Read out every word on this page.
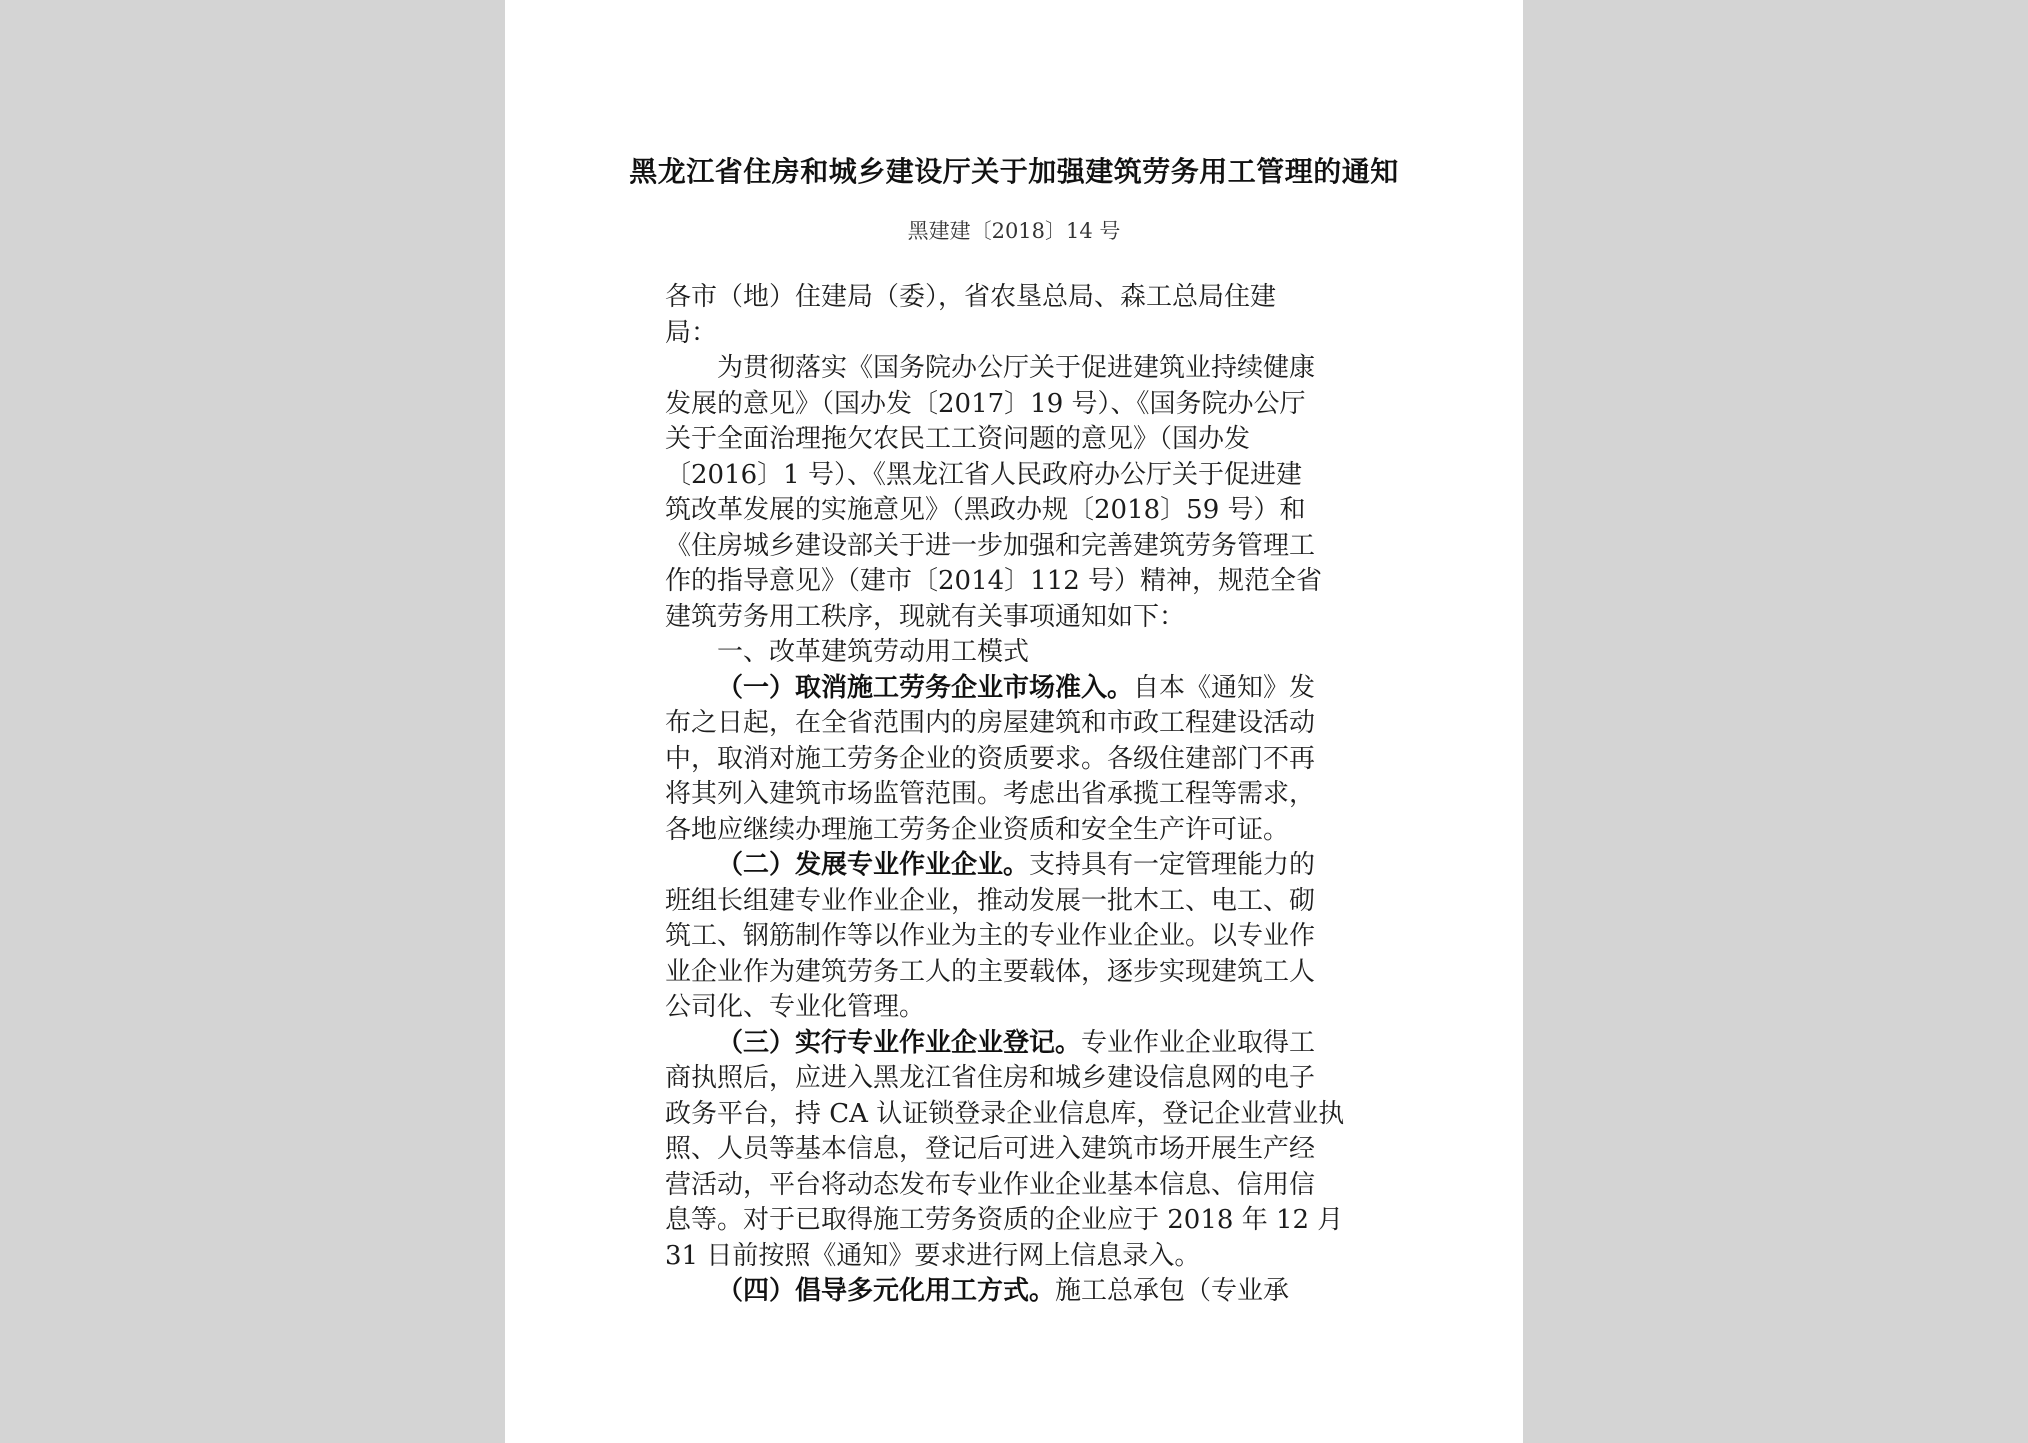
黑龙江省住房和城乡建设厅关于加强建筑劳务用工管理的通知
黑建建〔2018〕14 号
各市（地）住建局（委），省农垦总局、森工总局住建
局：
为贯彻落实《国务院办公厅关于促进建筑业持续健康
发展的意见》（国办发〔2017〕19 号）、《国务院办公厅
关于全面治理拖欠农民工工资问题的意见》（国办发
〔2016〕1 号）、《黑龙江省人民政府办公厅关于促进建
筑改革发展的实施意见》（黑政办规〔2018〕59 号）和
《住房城乡建设部关于进一步加强和完善建筑劳务管理工
作的指导意见》（建市〔2014〕112 号）精神，规范全省
建筑劳务用工秩序，现就有关事项通知如下：
一、改革建筑劳动用工模式
（一）取消施工劳务企业市场准入。自本《通知》发
布之日起，在全省范围内的房屋建筑和市政工程建设活动
中，取消对施工劳务企业的资质要求。各级住建部门不再
将其列入建筑市场监管范围。考虑出省承揽工程等需求，
各地应继续办理施工劳务企业资质和安全生产许可证。
（二）发展专业作业企业。支持具有一定管理能力的
班组长组建专业作业企业，推动发展一批木工、电工、砌
筑工、钢筋制作等以作业为主的专业作业企业。以专业作
业企业作为建筑劳务工人的主要载体，逐步实现建筑工人
公司化、专业化管理。
（三）实行专业作业企业登记。专业作业企业取得工
商执照后，应进入黑龙江省住房和城乡建设信息网的电子
政务平台，持 CA 认证锁登录企业信息库，登记企业营业执
照、人员等基本信息，登记后可进入建筑市场开展生产经
营活动，平台将动态发布专业作业企业基本信息、信用信
息等。对于已取得施工劳务资质的企业应于 2018 年 12 月
31 日前按照《通知》要求进行网上信息录入。
（四）倡导多元化用工方式。施工总承包（专业承
